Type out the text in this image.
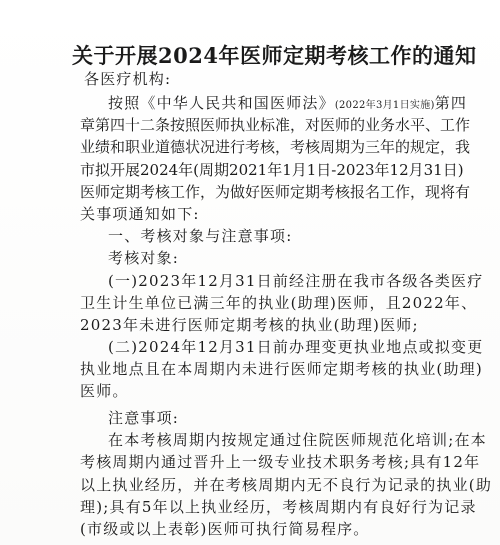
关于开展2024年医师定期考核工作的通知
各医疗机构:
按照《中华人民共和国医师法》(2022年3月1日实施)第四
章第四十二条按照医师执业标准，对医师的业务水平、工作
业绩和职业道德状况进行考核，考核周期为三年的规定，我
市拟开展2024年(周期2021年1月1日-2023年12月31日)
医师定期考核工作，为做好医师定期考核报名工作，现将有
关事项通知如下:
一、考核对象与注意事项:
考核对象:
(一)2023年12月31日前经注册在我市各级各类医疗
卫生计生单位已满三年的执业(助理)医师，且2022年、
2023年未进行医师定期考核的执业(助理)医师;
(二)2024年12月31日前办理变更执业地点或拟变更
执业地点且在本周期内未进行医师定期考核的执业(助理)
医师。
注意事项:
在本考核周期内按规定通过住院医师规范化培训;在本
考核周期内通过晋升上一级专业技术职务考核;具有12年
以上执业经历，并在考核周期内无不良行为记录的执业(助
理);具有5年以上执业经历，考核周期内有良好行为记录
(市级或以上表彰)医师可执行简易程序。
